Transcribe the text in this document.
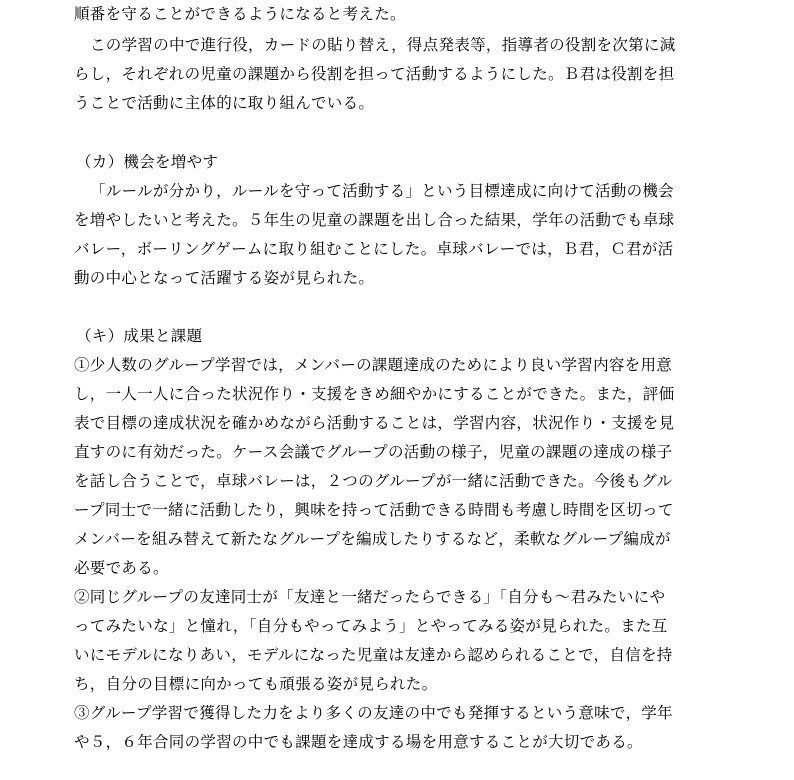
順番を守ることができるようになると考えた。
この学習の中で進行役，カードの貼り替え，得点発表等，指導者の役割を次第に減
らし，それぞれの児童の課題から役割を担って活動するようにした。Ｂ君は役割を担
うことで活動に主体的に取り組んでいる。
（カ）機会を増やす
「ルールが分かり，ルールを守って活動する」という目標達成に向けて活動の機会
を増やしたいと考えた。５年生の児童の課題を出し合った結果，学年の活動でも卓球
バレー，ボーリングゲームに取り組むことにした。卓球バレーでは，Ｂ君，Ｃ君が活
動の中心となって活躍する姿が見られた。
（キ）成果と課題
①少人数のグループ学習では，メンバーの課題達成のためにより良い学習内容を用意
し，一人一人に合った状況作り・支援をきめ細やかにすることができた。また，評価
表で目標の達成状況を確かめながら活動することは，学習内容，状況作り・支援を見
直すのに有効だった。ケース会議でグループの活動の様子，児童の課題の達成の様子
を話し合うことで，卓球バレーは，２つのグループが一緒に活動できた。今後もグル
ープ同士で一緒に活動したり，興味を持って活動できる時間も考慮し時間を区切って
メンバーを組み替えて新たなグループを編成したりするなど，柔軟なグループ編成が
必要である。
②同じグループの友達同士が「友達と一緒だったらできる」「自分も～君みたいにや
ってみたいな」と憧れ，「自分もやってみよう」とやってみる姿が見られた。また互
いにモデルになりあい，モデルになった児童は友達から認められることで，自信を持
ち，自分の目標に向かっても頑張る姿が見られた。
③グループ学習で獲得した力をより多くの友達の中でも発揮するという意味で，学年
や５，６年合同の学習の中でも課題を達成する場を用意することが大切である。
